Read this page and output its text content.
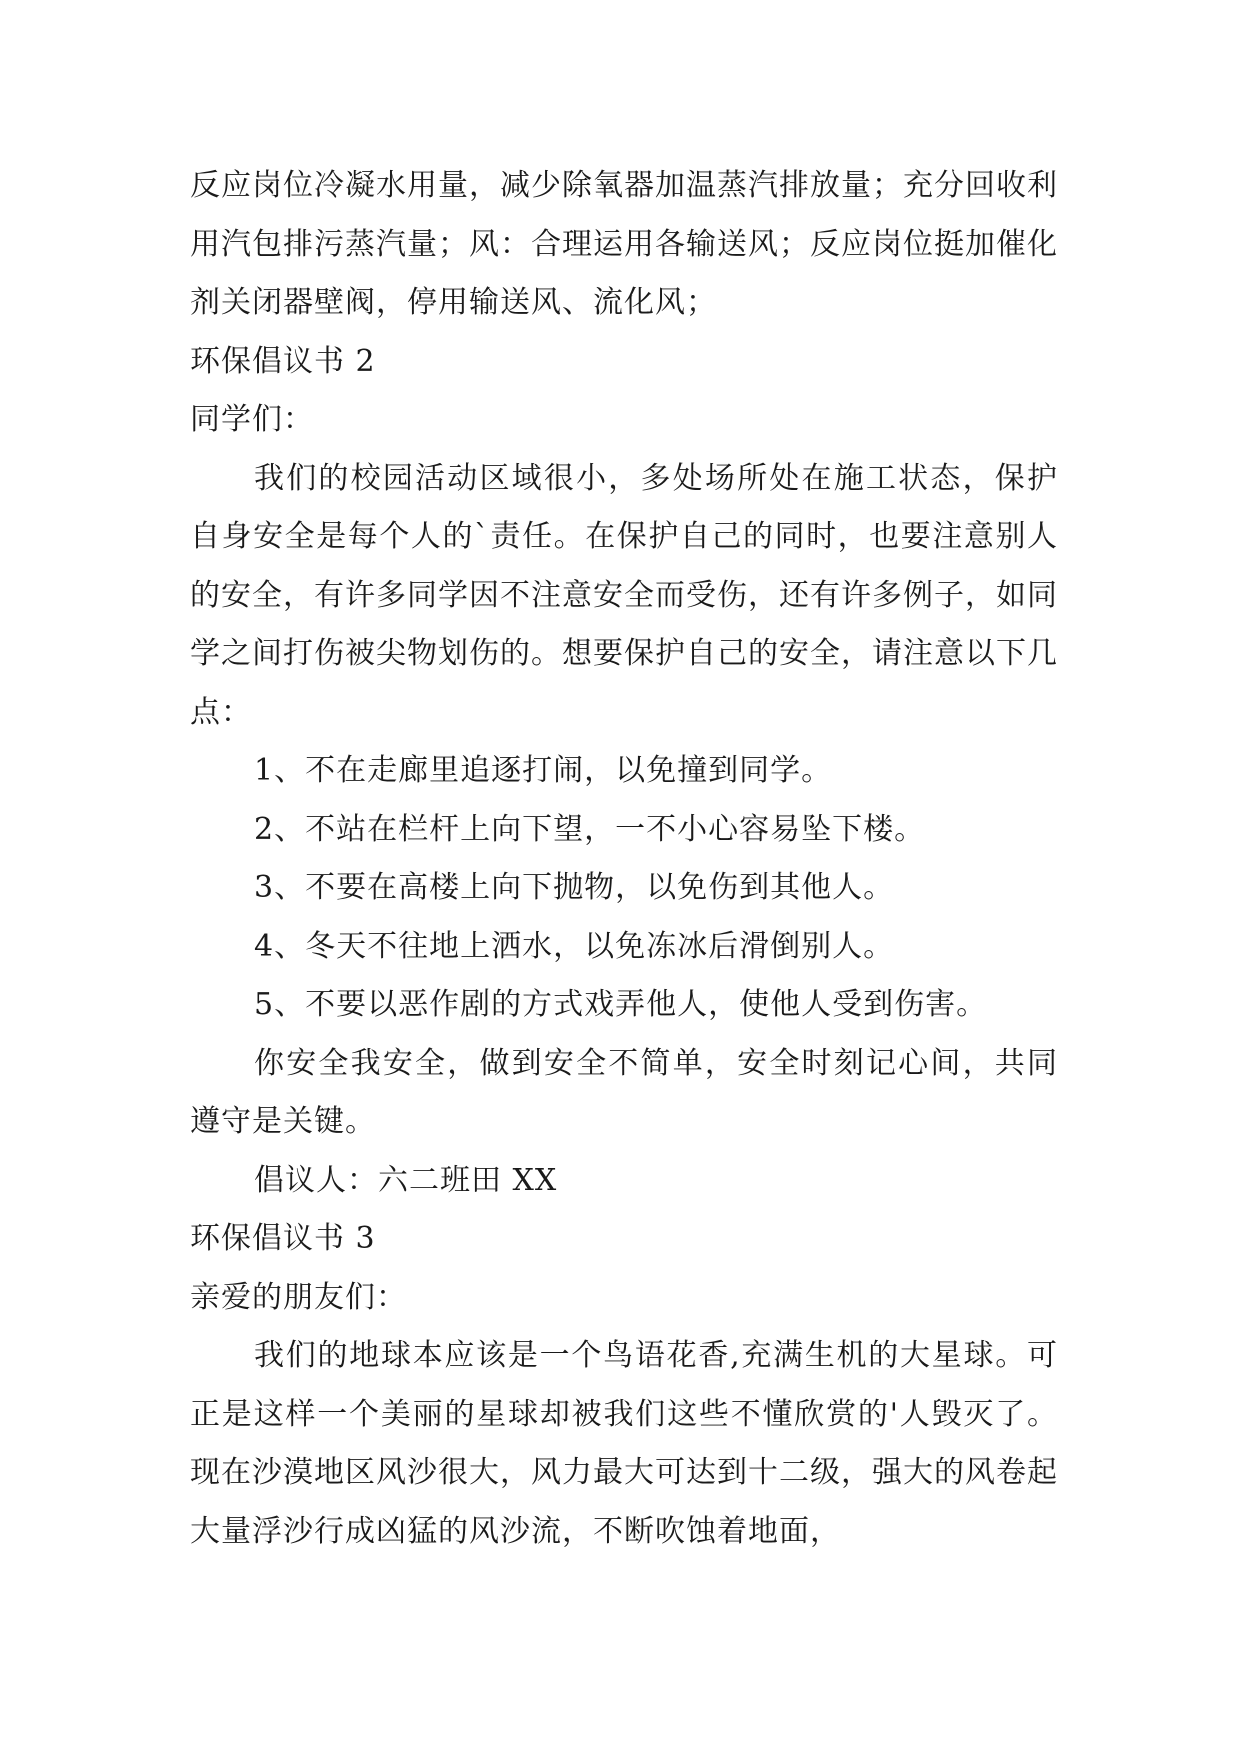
反应岗位冷凝水用量，减少除氧器加温蒸汽排放量；充分回收利用汽包排污蒸汽量；风：合理运用各输送风；反应岗位挺加催化剂关闭器壁阀，停用输送风、流化风；

环保倡议书 2

同学们：

我们的校园活动区域很小，多处场所处在施工状态，保护自身安全是每个人的`责任。在保护自己的同时，也要注意别人的安全，有许多同学因不注意安全而受伤，还有许多例子，如同学之间打伤被尖物划伤的。想要保护自己的安全，请注意以下几点：

1、不在走廊里追逐打闹，以免撞到同学。

2、不站在栏杆上向下望，一不小心容易坠下楼。

3、不要在高楼上向下抛物，以免伤到其他人。

4、冬天不往地上洒水，以免冻冰后滑倒别人。

5、不要以恶作剧的方式戏弄他人，使他人受到伤害。

你安全我安全，做到安全不简单，安全时刻记心间，共同遵守是关键。

倡议人：六二班田 XX

环保倡议书 3

亲爱的朋友们：

我们的地球本应该是一个鸟语花香,充满生机的大星球。可正是这样一个美丽的星球却被我们这些不懂欣赏的'人毁灭了。现在沙漠地区风沙很大，风力最大可达到十二级，强大的风卷起大量浮沙行成凶猛的风沙流，不断吹蚀着地面，
